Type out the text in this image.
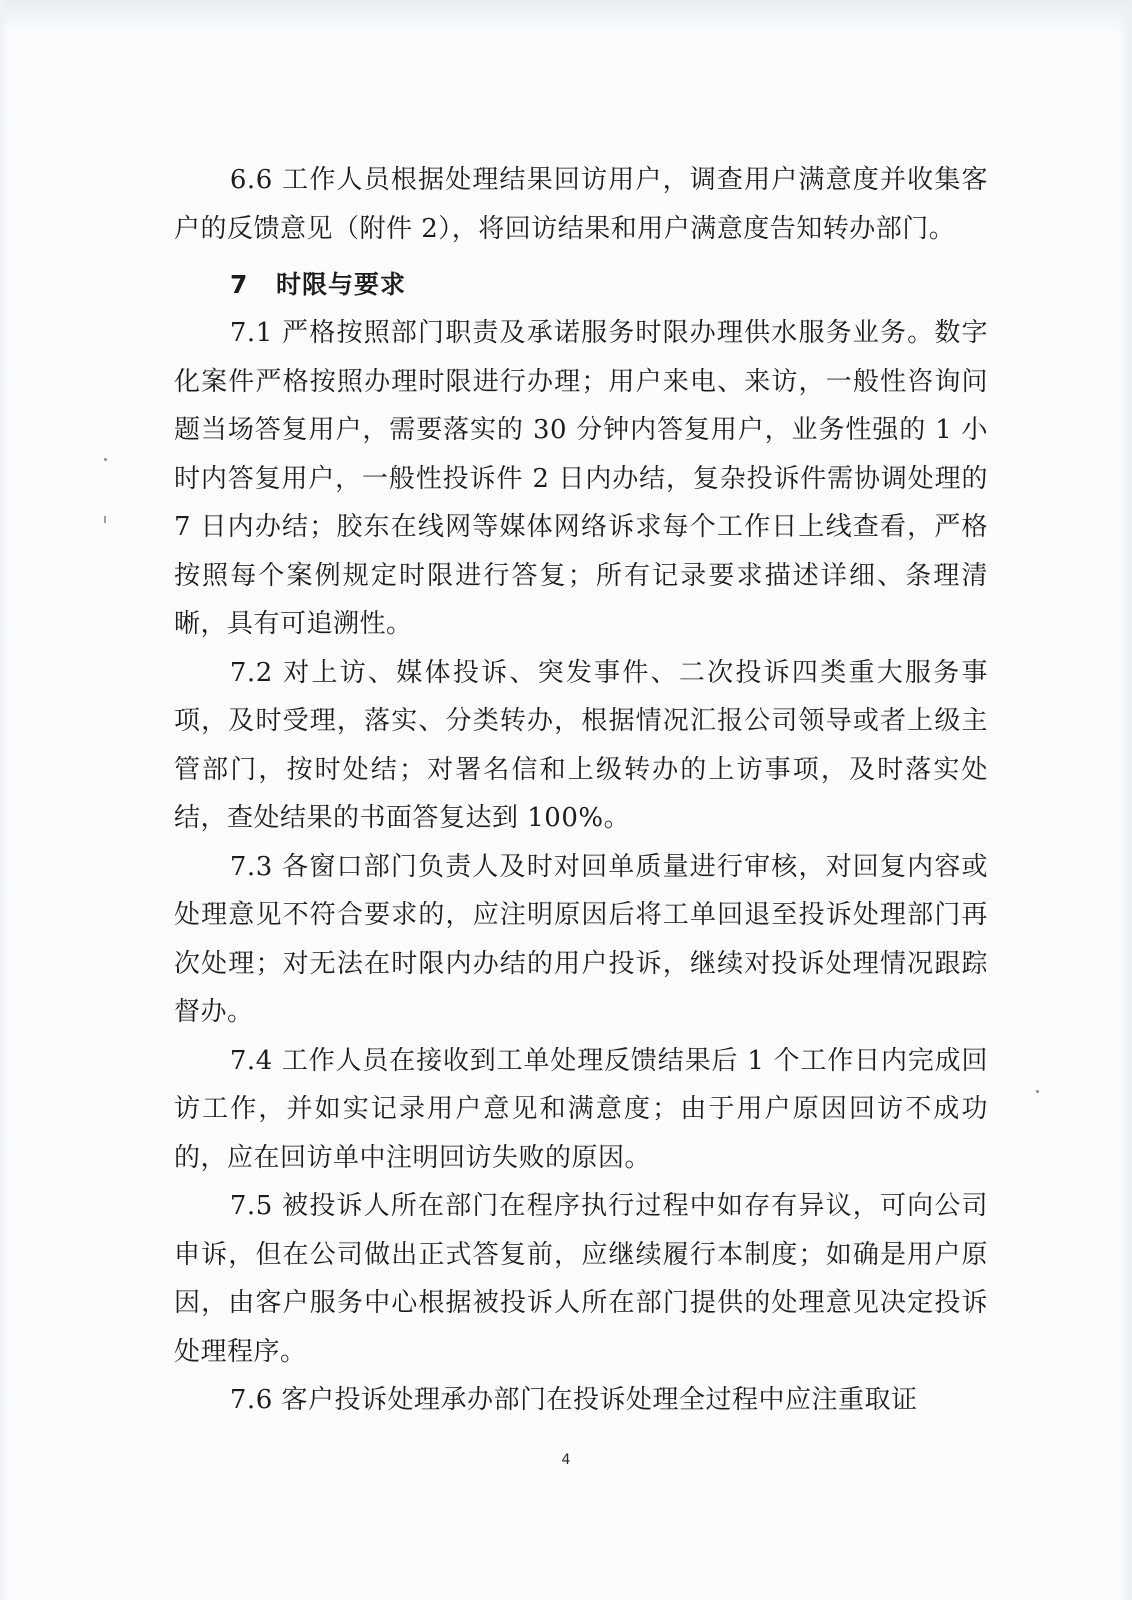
6.6 工作人员根据处理结果回访用户，调查用户满意度并收集客户的反馈意见（附件 2），将回访结果和用户满意度告知转办部门。

7 时限与要求

7.1 严格按照部门职责及承诺服务时限办理供水服务业务。数字化案件严格按照办理时限进行办理；用户来电、来访，一般性咨询问题当场答复用户，需要落实的 30 分钟内答复用户，业务性强的 1 小时内答复用户，一般性投诉件 2 日内办结，复杂投诉件需协调处理的 7 日内办结；胶东在线网等媒体网络诉求每个工作日上线查看，严格按照每个案例规定时限进行答复；所有记录要求描述详细、条理清晰，具有可追溯性。

7.2 对上访、媒体投诉、突发事件、二次投诉四类重大服务事项，及时受理，落实、分类转办，根据情况汇报公司领导或者上级主管部门，按时处结；对署名信和上级转办的上访事项，及时落实处结，查处结果的书面答复达到 100%。

7.3 各窗口部门负责人及时对回单质量进行审核，对回复内容或处理意见不符合要求的，应注明原因后将工单回退至投诉处理部门再次处理；对无法在时限内办结的用户投诉，继续对投诉处理情况跟踪督办。

7.4 工作人员在接收到工单处理反馈结果后 1 个工作日内完成回访工作，并如实记录用户意见和满意度；由于用户原因回访不成功的，应在回访单中注明回访失败的原因。

7.5 被投诉人所在部门在程序执行过程中如存有异议，可向公司申诉，但在公司做出正式答复前，应继续履行本制度；如确是用户原因，由客户服务中心根据被投诉人所在部门提供的处理意见决定投诉处理程序。

7.6 客户投诉处理承办部门在投诉处理全过程中应注重取证

4
